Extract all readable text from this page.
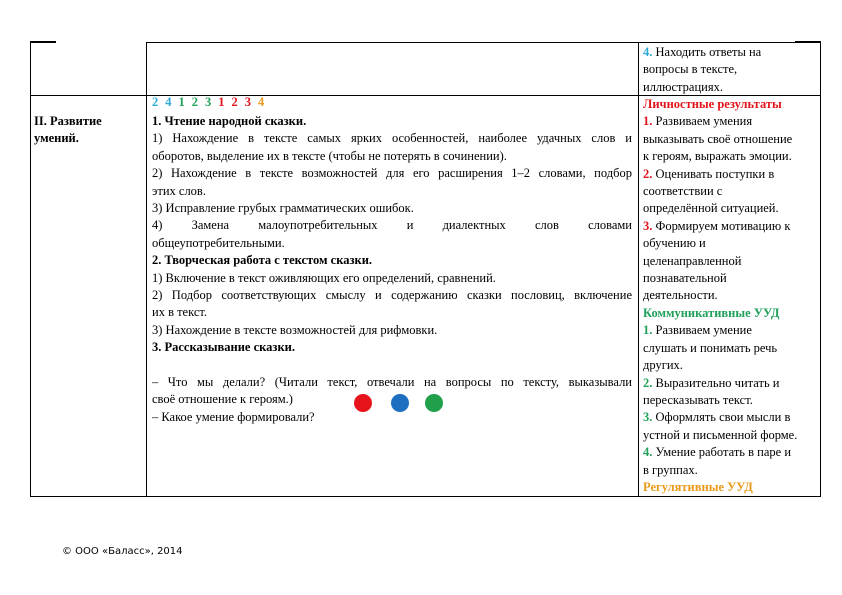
4. Находить ответы на

вопросы в тексте,

иллюстрациях.

II. Развитие
умений.
2 4 1 2 3 1 2 3 4

1. Чтение народной сказки.

1) Нахождение в тексте самых ярких особенностей, наиболее удачных слов и

оборотов, выделение их в тексте (чтобы не потерять в сочинении).

2) Нахождение в тексте возможностей для его расширения 1–2 словами, подбор

этих слов.

3) Исправление грубых грамматических ошибок.

4) Замена малоупотребительных и диалектных слов словами

общеупотребительными.

2. Творческая работа с текстом сказки.

1) Включение в текст оживляющих его определений, сравнений.

2) Подбор соответствующих смыслу и содержанию сказки пословиц, включение

их в текст.

3) Нахождение в тексте возможностей для рифмовки.

3. Рассказывание сказки.

– Что мы делали? (Читали текст, отвечали на вопросы по тексту, выказывали

своё отношение к героям.)

– Какое умение формировали?

Личностные результаты

1. Развиваем умения

выказывать своё отношение

к героям, выражать эмоции.

2. Оценивать поступки в

соответствии с

определённой ситуацией.

3. Формируем мотивацию к

обучению и

целенаправленной

познавательной

деятельности.

Коммуникативные УУД

1. Развиваем умение

слушать и понимать речь

других.

2. Выразительно читать и

пересказывать текст.

3. Оформлять свои мысли в

устной и письменной форме.

4. Умение работать в паре и

в группах.

Регулятивные УУД

© ООО «Баласс», 2014
